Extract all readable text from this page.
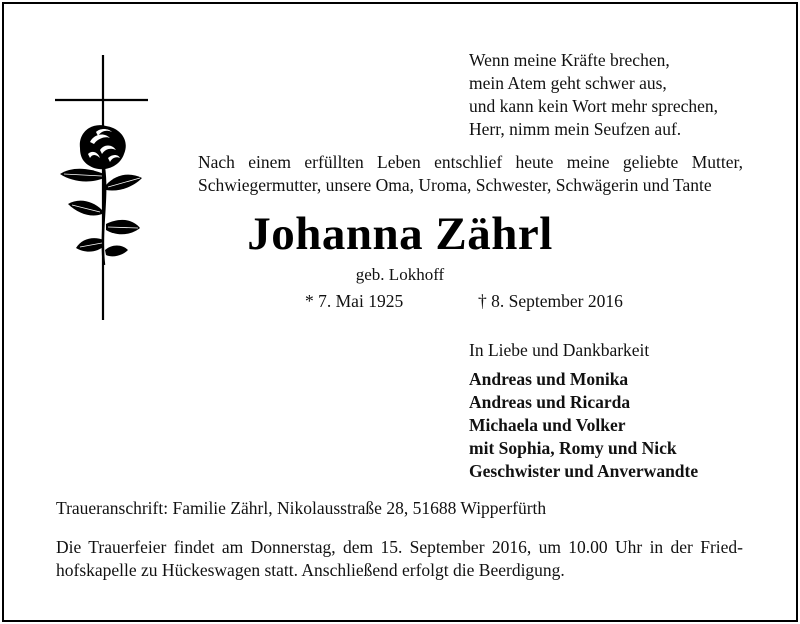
Wenn meine Kräfte brechen,
mein Atem geht schwer aus,
und kann kein Wort mehr sprechen,
Herr, nimm mein Seufzen auf.
Nach einem erfüllten Leben entschlief heute meine geliebte Mutter,
Schwiegermutter, unsere Oma, Uroma, Schwester, Schwägerin und Tante
Johanna Zährl
geb. Lokhoff
* 7. Mai 1925	† 8. September 2016
In Liebe und Dankbarkeit
Andreas und Monika
Andreas und Ricarda
Michaela und Volker
mit Sophia, Romy und Nick
Geschwister und Anverwandte
Traueranschrift: Familie Zährl, Nikolausstraße 28, 51688 Wipperfürth
Die Trauerfeier findet am Donnerstag, dem 15. September 2016, um 10.00 Uhr in der Fried-
hofskapelle zu Hückeswagen statt. Anschließend erfolgt die Beerdigung.
